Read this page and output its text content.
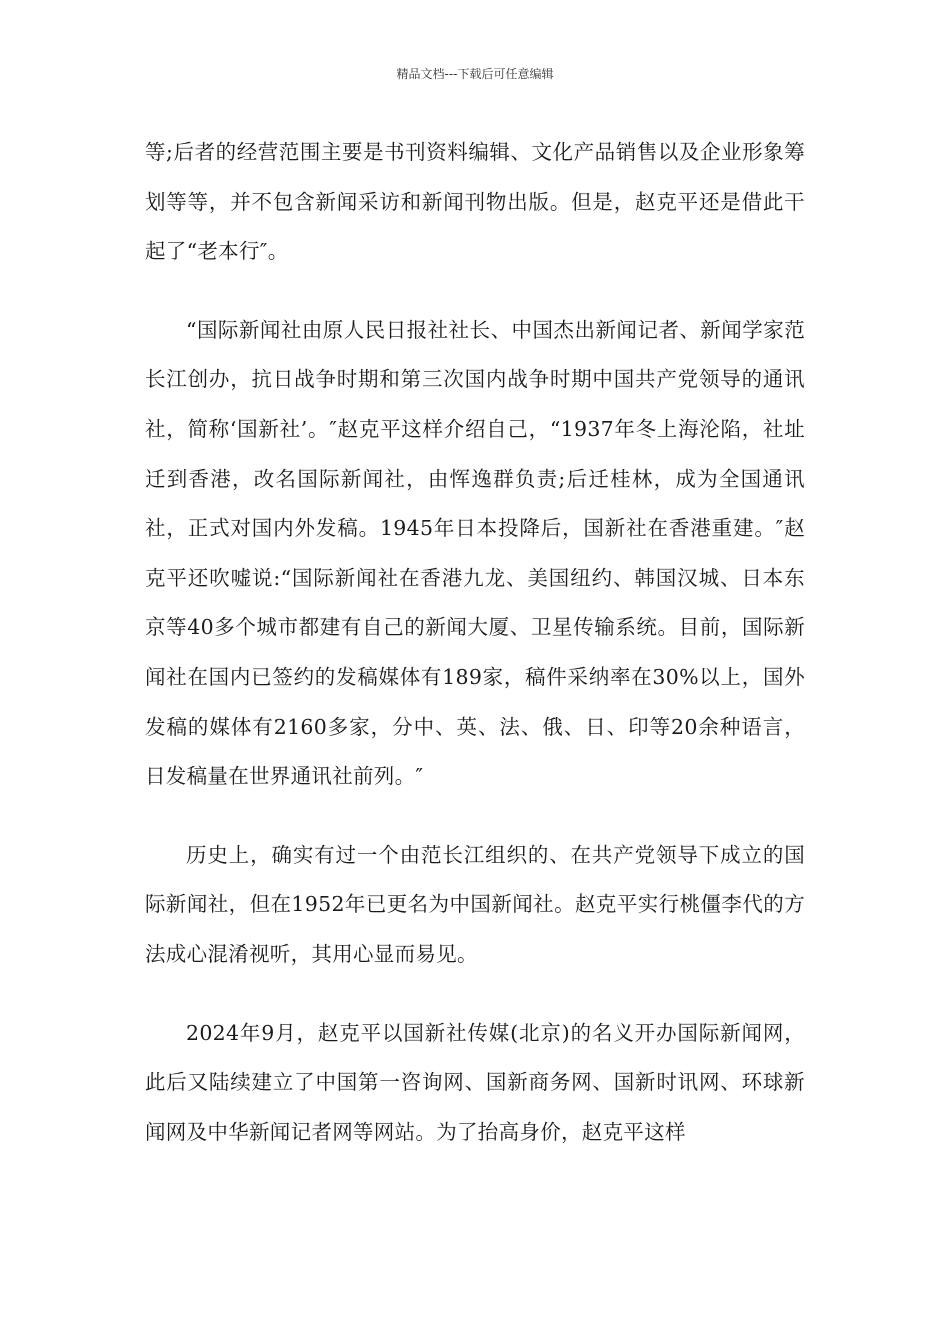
精品文档---下载后可任意编辑

等;后者的经营范围主要是书刊资料编辑、文化产品销售以及企业形象筹划等等，并不包含新闻采访和新闻刊物出版。但是，赵克平还是借此干起了“老本行″。

“国际新闻社由原人民日报社社长、中国杰出新闻记者、新闻学家范长江创办，抗日战争时期和第三次国内战争时期中国共产党领导的通讯社，简称‘国新社’。″赵克平这样介绍自己，“1937年冬上海沦陷，社址迁到香港，改名国际新闻社，由恽逸群负责;后迁桂林，成为全国通讯社，正式对国内外发稿。1945年日本投降后，国新社在香港重建。″赵克平还吹嘘说:“国际新闻社在香港九龙、美国纽约、韩国汉城、日本东京等40多个城市都建有自己的新闻大厦、卫星传输系统。目前，国际新闻社在国内已签约的发稿媒体有189家，稿件采纳率在30%以上，国外发稿的媒体有2160多家，分中、英、法、俄、日、印等20余种语言，日发稿量在世界通讯社前列。″

历史上，确实有过一个由范长江组织的、在共产党领导下成立的国际新闻社，但在1952年已更名为中国新闻社。赵克平实行桃僵李代的方法成心混淆视听，其用心显而易见。

2024年9月，赵克平以国新社传媒(北京)的名义开办国际新闻网，此后又陆续建立了中国第一咨询网、国新商务网、国新时讯网、环球新闻网及中华新闻记者网等网站。为了抬高身价，赵克平这样
